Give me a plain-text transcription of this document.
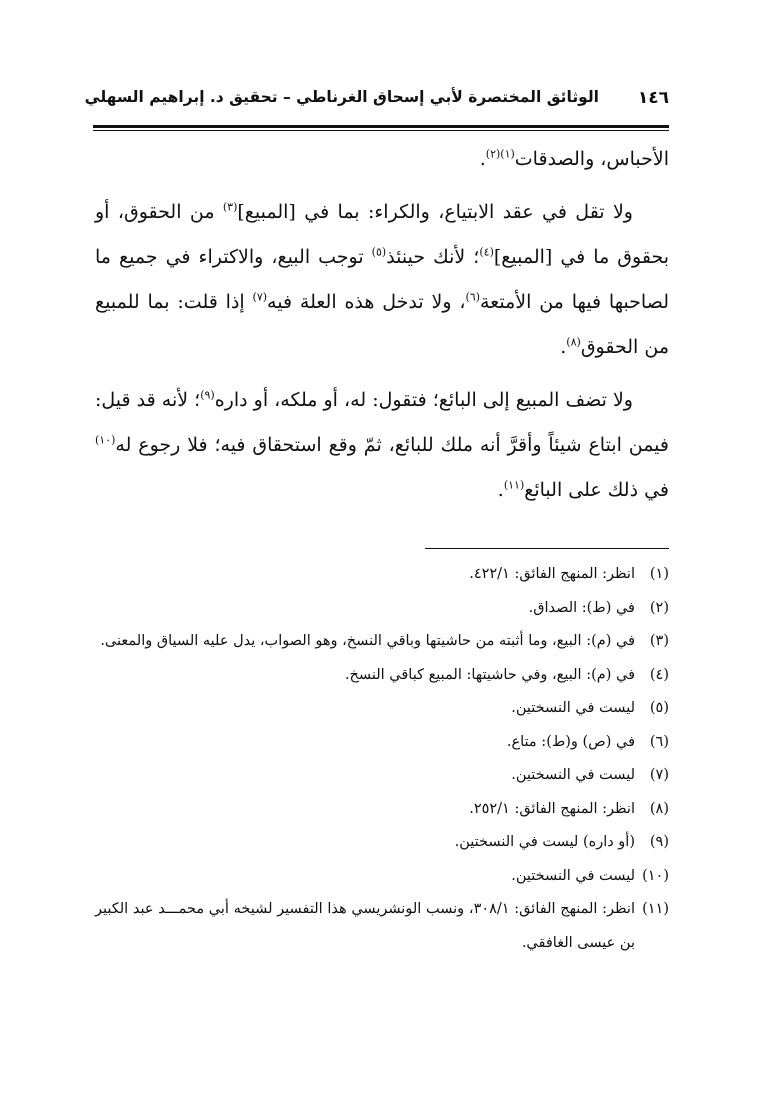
١٤٦
الوثائق المختصرة لأبي إسحاق الغرناطي – تحقيق د. إبراهيم السهلي

الأحباس، والصدقات$^{(١)(٢)}$.

ولا تقل في عقد الابتياع، والكراء: بما في [المبيع]$^{(٣)}$ من الحقوق، أو بحقوق ما في [المبيع]$^{(٤)}$؛ لأنك حينئذ$^{(٥)}$ توجب البيع، والاكتراء في جميع ما لصاحبها فيها من الأمتعة$^{(٦)}$، ولا تدخل هذه العلة فيه$^{(٧)}$ إذا قلت: بما للمبيع من الحقوق$^{(٨)}$.

ولا تضف المبيع إلى البائع؛ فتقول: له، أو ملكه، أو داره$^{(٩)}$؛ لأنه قد قيل: فيمن ابتاع شيئاً وأقرَّ أنه ملك للبائع، ثمّ وقع استحقاق فيه؛ فلا رجوع له$^{(١٠)}$ في ذلك على البائع$^{(١١)}$.

(١)انظر: المنهج الفائق: ٤٢٢/١.

(٢)في (ط): الصداق.

(٣)في (م): البيع، وما أثبته من حاشيتها وباقي النسخ، وهو الصواب، يدل عليه السياق والمعنى.

(٤)في (م): البيع، وفي حاشيتها: المبيع كباقي النسخ.

(٥)ليست في النسختين.

(٦)في (ص) و(ط): متاع.

(٧)ليست في النسختين.

(٨)انظر: المنهج الفائق: ٢٥٢/١.

(٩)(أو داره) ليست في النسختين.

(١٠)ليست في النسختين.

(١١)انظر: المنهج الفائق: ٣٠٨/١، ونسب الونشريسي هذا التفسير لشيخه أبي محمـــد عبد الكبير بن عيسى الغافقي.
